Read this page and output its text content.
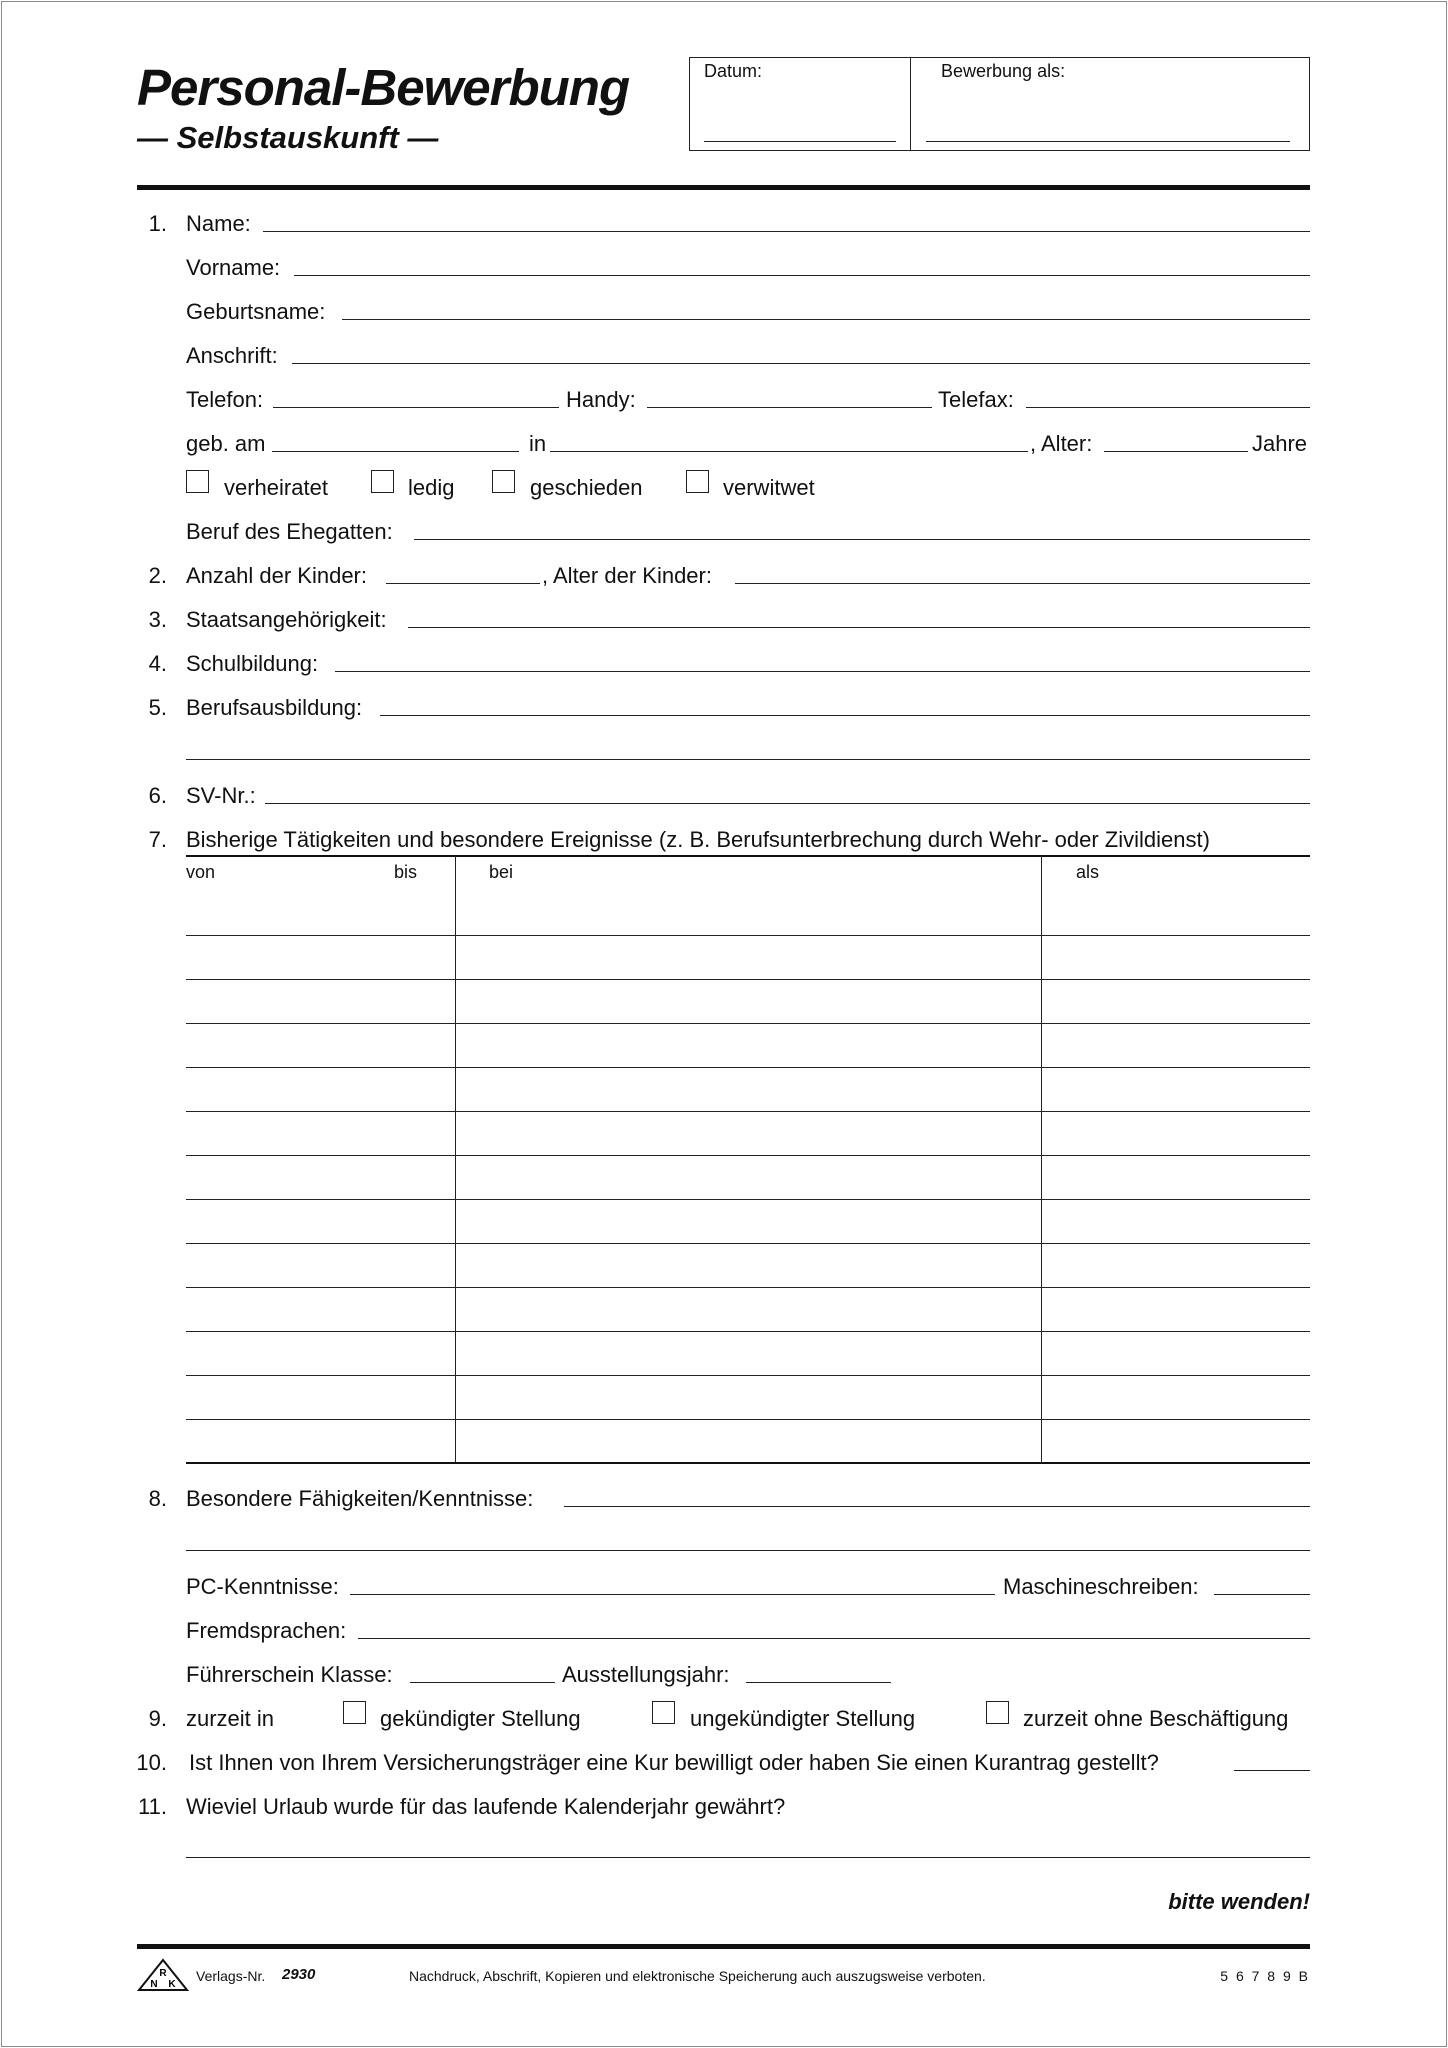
Personal-Bewerbung
— Selbstauskunft —
Datum:	Bewerbung als:
1. Name:
Vorname:
Geburtsname:
Anschrift:
Telefon:	Handy:	Telefax:
geb. am	in	, Alter:	Jahre
verheiratet	ledig	geschieden	verwitwet
Beruf des Ehegatten:
2. Anzahl der Kinder:	, Alter der Kinder:
3. Staatsangehörigkeit:
4. Schulbildung:
5. Berufsausbildung:
6. SV-Nr.:
7. Bisherige Tätigkeiten und besondere Ereignisse (z. B. Berufsunterbrechung durch Wehr- oder Zivildienst)
von	bis	bei	als
8. Besondere Fähigkeiten/Kenntnisse:
PC-Kenntnisse:	Maschineschreiben:
Fremdsprachen:
Führerschein Klasse:	Ausstellungsjahr:
9. zurzeit in	gekündigter Stellung	ungekündigter Stellung	zurzeit ohne Beschäftigung
10. Ist Ihnen von Ihrem Versicherungsträger eine Kur bewilligt oder haben Sie einen Kurantrag gestellt?
11. Wieviel Urlaub wurde für das laufende Kalenderjahr gewährt?
bitte wenden!
R
N K
Verlags-Nr. 2930	Nachdruck, Abschrift, Kopieren und elektronische Speicherung auch auszugsweise verboten.	5 6 7 8 9 B
